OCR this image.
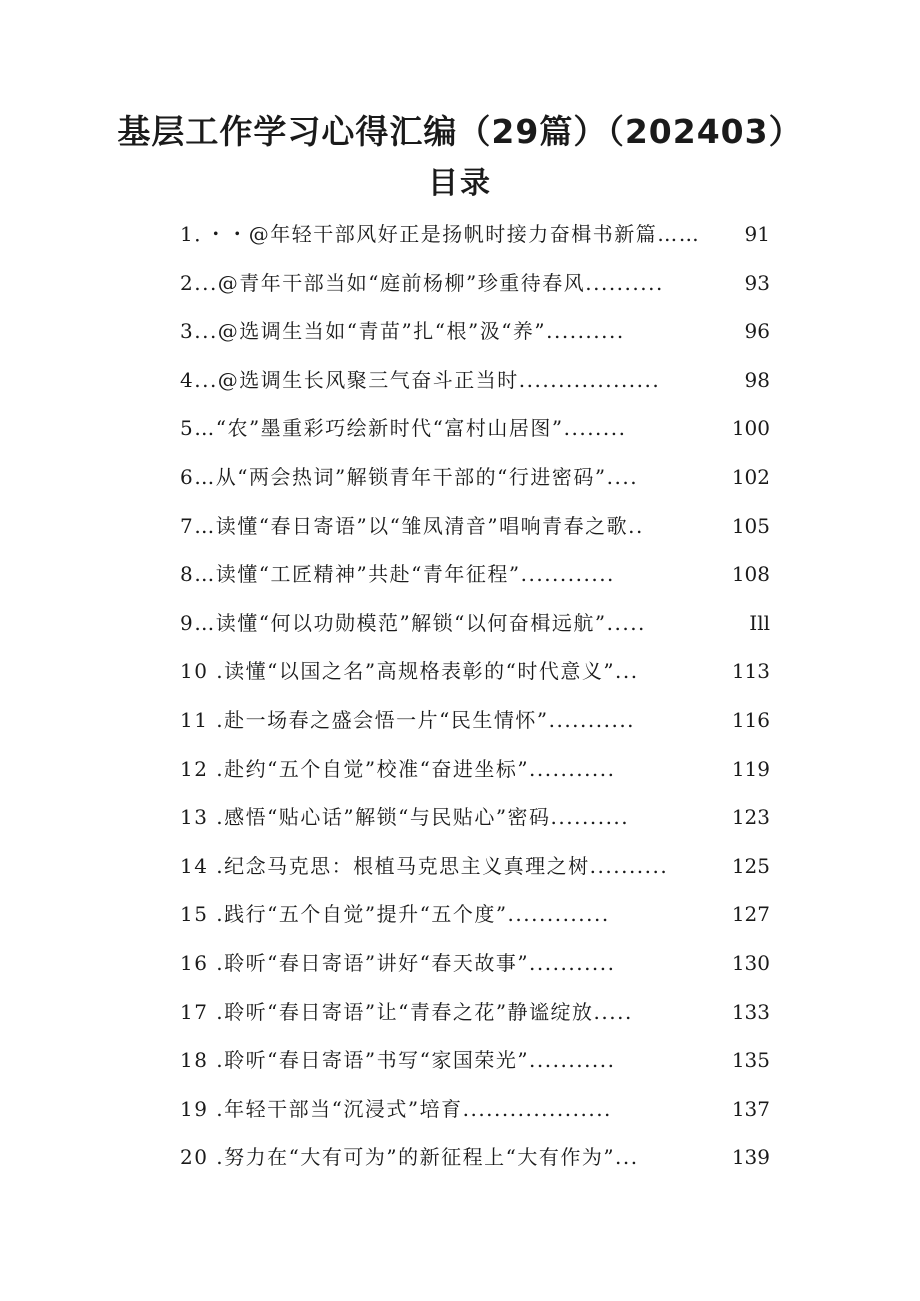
基层工作学习心得汇编（29篇）（202403）
目录
1．・・@年轻干部风好正是扬帆时接力奋楫书新篇……	91
2...@青年干部当如“庭前杨柳”珍重待春风..........	93
3...@选调生当如“青苗”扎“根”汲“养”..........	96
4...@选调生长风聚三气奋斗正当时..................	98
5…“农”墨重彩巧绘新时代“富村山居图”........	100
6…从“两会热词”解锁青年干部的“行进密码”....	102
7…读懂“春日寄语”以“雏凤清音”唱响青春之歌..	105
8…读懂“工匠精神”共赴“青年征程”............	108
9…读懂“何以功勋模范”解锁“以何奋楫远航”.....	Ill
10 .读懂“以国之名”高规格表彰的“时代意义”...	113
11 .赴一场春之盛会悟一片“民生情怀”...........	116
12 .赴约“五个自觉”校准“奋进坐标”...........	119
13 .感悟“贴心话”解锁“与民贴心”密码..........	123
14 .纪念马克思：根植马克思主义真理之树..........	125
15 .践行“五个自觉”提升“五个度”.............	127
16 .聆听“春日寄语”讲好“春天故事”...........	130
17 .聆听“春日寄语”让“青春之花”静谧绽放.....	133
18 .聆听“春日寄语”书写“家国荣光”...........	135
19 .年轻干部当“沉浸式”培育...................	137
20 .努力在“大有可为”的新征程上“大有作为”...	139
